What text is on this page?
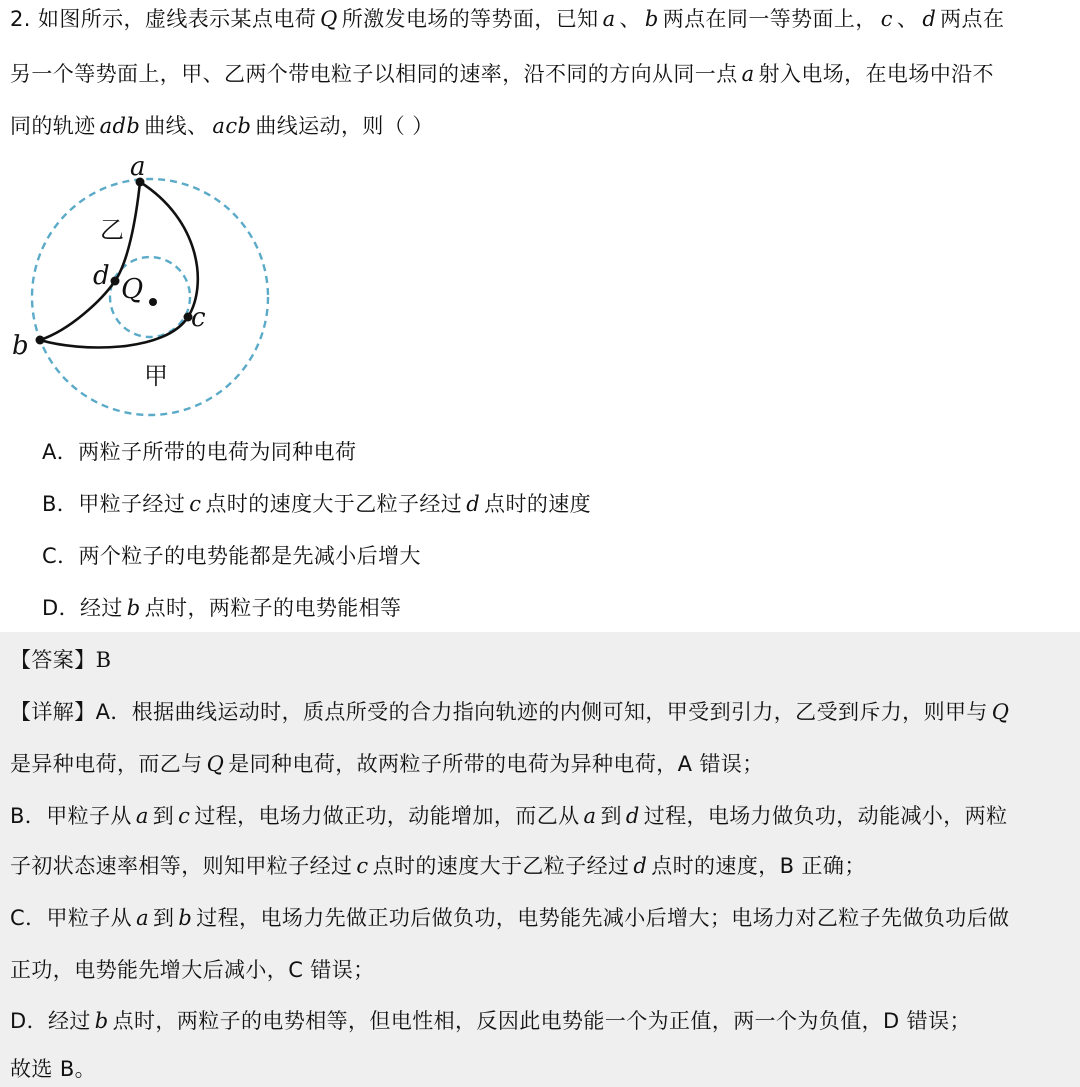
2. 如图所示，虚线表示某点电荷 Q 所激发电场的等势面，已知 a 、 b 两点在同一等势面上， c 、 d 两点在
另一个等势面上，甲、乙两个带电粒子以相同的速率，沿不同的方向从同一点 a 射入电场，在电场中沿不
同的轨迹 adb 曲线、 acb 曲线运动，则（ ）
a
b
c
d Q
乙
甲
A．两粒子所带的电荷为同种电荷
B．甲粒子经过 c 点时的速度大于乙粒子经过 d 点时的速度
C．两个粒子的电势能都是先减小后增大
D．经过 b 点时，两粒子的电势能相等
【答案】B
【详解】A．根据曲线运动时，质点所受的合力指向轨迹的内侧可知，甲受到引力，乙受到斥力，则甲与 Q
是异种电荷，而乙与 Q 是同种电荷，故两粒子所带的电荷为异种电荷，A 错误；
B．甲粒子从 a 到 c 过程，电场力做正功，动能增加，而乙从 a 到 d 过程，电场力做负功，动能减小，两粒
子初状态速率相等，则知甲粒子经过 c 点时的速度大于乙粒子经过 d 点时的速度，B 正确；
C．甲粒子从 a 到 b 过程，电场力先做正功后做负功，电势能先减小后增大；电场力对乙粒子先做负功后做
正功，电势能先增大后减小，C 错误；
D．经过 b 点时，两粒子的电势相等，但电性相，反因此电势能一个为正值，两一个为负值，D 错误；
故选 B。
